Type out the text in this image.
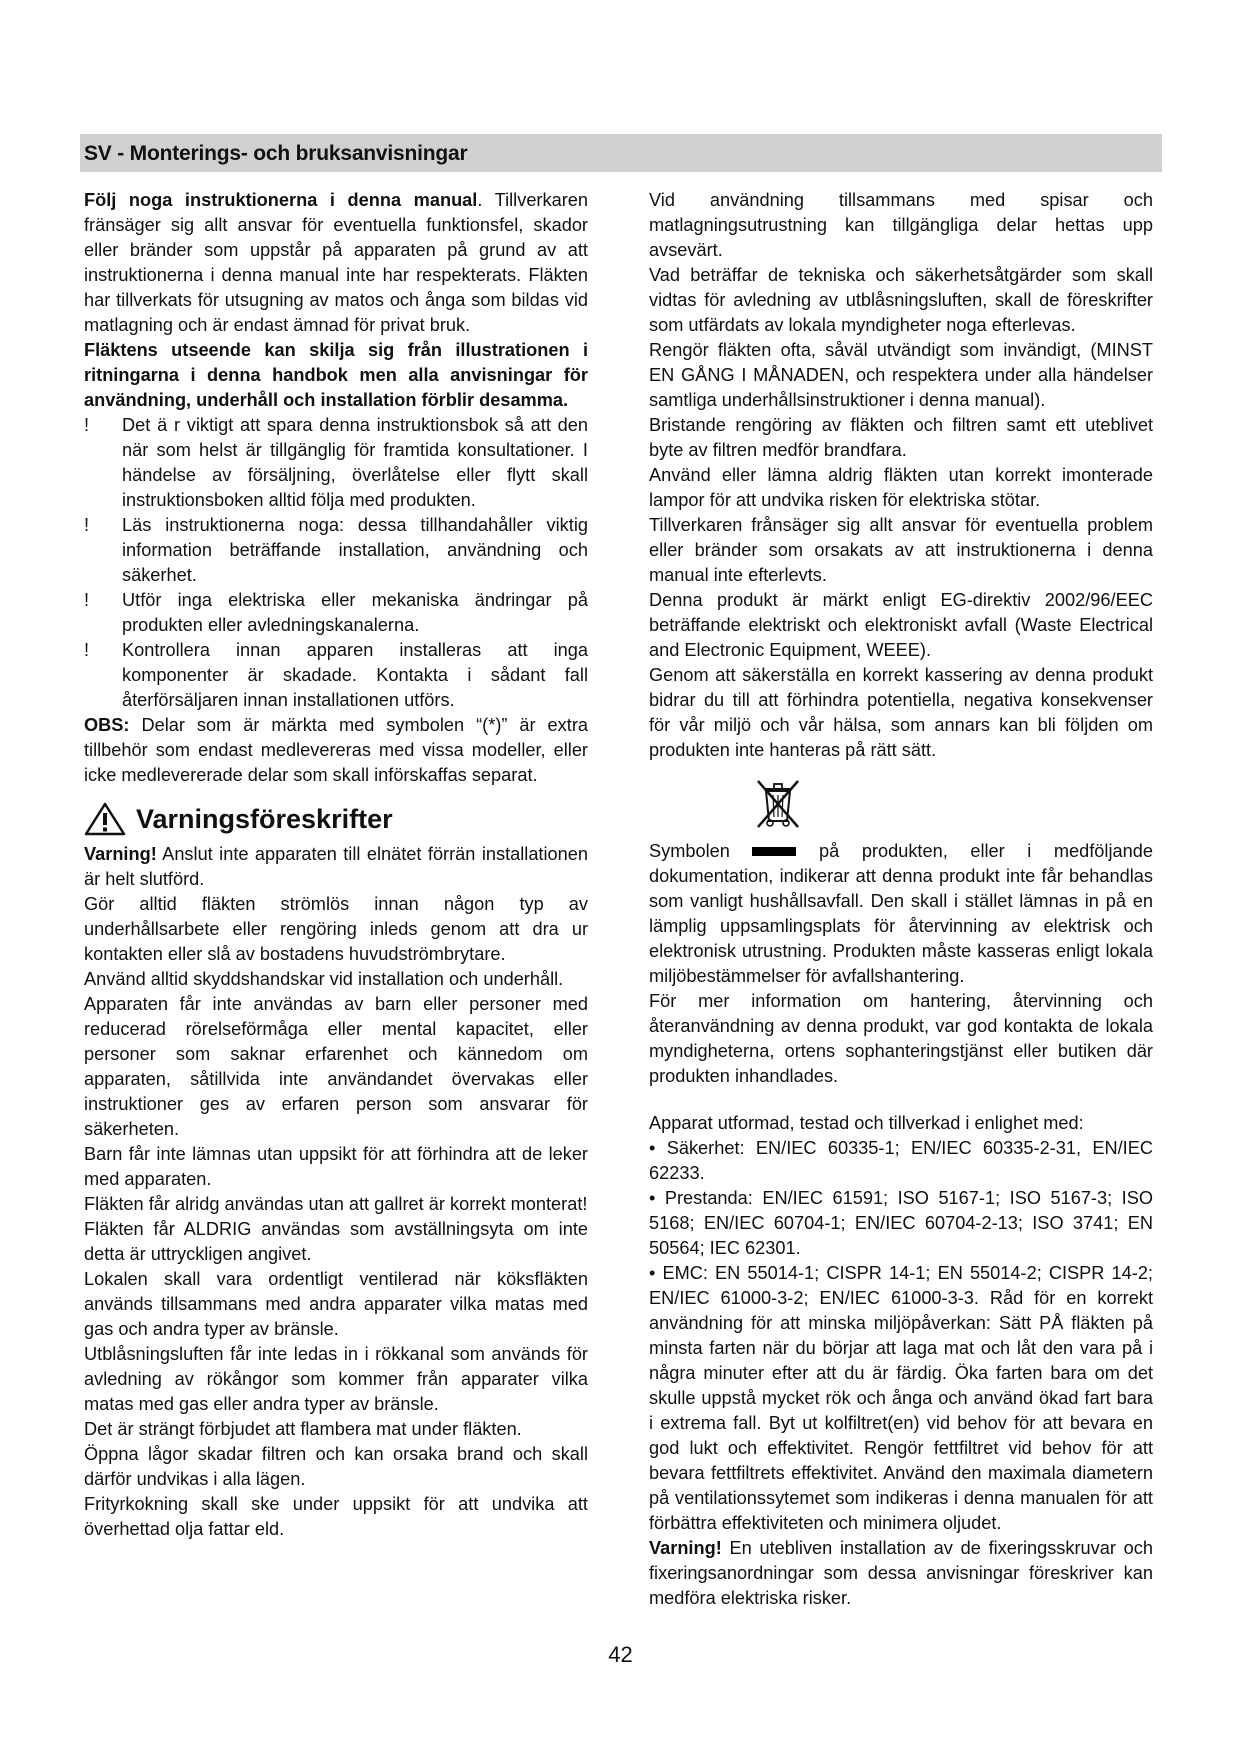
SV - Monterings- och bruksanvisningar

Följ noga instruktionerna i denna manual. Tillverkaren fränsäger sig allt ansvar för eventuella funktionsfel, skador eller bränder som uppstår på apparaten på grund av att instruktionerna i denna manual inte har respekterats. Fläkten har tillverkats för utsugning av matos och ånga som bildas vid matlagning och är endast ämnad för privat bruk.

Fläktens utseende kan skilja sig från illustrationen i ritningarna i denna handbok men alla anvisningar för användning, underhåll och installation förblir desamma.

!	Det ä r viktigt att spara denna instruktionsbok så att den när som helst är tillgänglig för framtida konsultationer. I händelse av försäljning, överlåtelse eller flytt skall instruktionsboken alltid följa med produkten.
!	Läs instruktionerna noga: dessa tillhandahåller viktig information beträffande installation, användning och säkerhet.
!	Utför inga elektriska eller mekaniska ändringar på produkten eller avledningskanalerna.
!	Kontrollera innan apparen installeras att inga komponenter är skadade. Kontakta i sådant fall återförsäljaren innan installationen utförs.

OBS: Delar som är märkta med symbolen “(*)” är extra tillbehör som endast medlevereras med vissa modeller, eller icke medlevererade delar som skall införskaffas separat.

Varningsföreskrifter

Varning! Anslut inte apparaten till elnätet förrän installationen är helt slutförd.

Gör alltid fläkten strömlös innan någon typ av underhållsarbete eller rengöring inleds genom att dra ur kontakten eller slå av bostadens huvudströmbrytare.

Använd alltid skyddshandskar vid installation och underhåll.

Apparaten får inte användas av barn eller personer med reducerad rörelseförmåga eller mental kapacitet, eller personer som saknar erfarenhet och kännedom om apparaten, såtillvida inte användandet övervakas eller instruktioner ges av erfaren person som ansvarar för säkerheten.

Barn får inte lämnas utan uppsikt för att förhindra att de leker med apparaten.

Fläkten får alridg användas utan att gallret är korrekt monterat!

Fläkten får ALDRIG användas som avställningsyta om inte detta är uttryckligen angivet.

Lokalen skall vara ordentligt ventilerad när köksfläkten används tillsammans med andra apparater vilka matas med gas och andra typer av bränsle.

Utblåsningsluften får inte ledas in i rökkanal som används för avledning av rökångor som kommer från apparater vilka matas med gas eller andra typer av bränsle.

Det är strängt förbjudet att flambera mat under fläkten.

Öppna lågor skadar filtren och kan orsaka brand och skall därför undvikas i alla lägen.

Frityrkokning skall ske under uppsikt för att undvika att överhettad olja fattar eld.

Vid användning tillsammans med spisar och matlagningsutrustning kan tillgängliga delar hettas upp avsevärt.

Vad beträffar de tekniska och säkerhetsåtgärder som skall vidtas för avledning av utblåsningsluften, skall de föreskrifter som utfärdats av lokala myndigheter noga efterlevas.

Rengör fläkten ofta, såväl utvändigt som invändigt, (MINST EN GÅNG I MÅNADEN, och respektera under alla händelser samtliga underhållsinstruktioner i denna manual).

Bristande rengöring av fläkten och filtren samt ett uteblivet byte av filtren medför brandfara.

Använd eller lämna aldrig fläkten utan korrekt imonterade lampor för att undvika risken för elektriska stötar.

Tillverkaren frånsäger sig allt ansvar för eventuella problem eller bränder som orsakats av att instruktionerna i denna manual inte efterlevts.

Denna produkt är märkt enligt EG-direktiv 2002/96/EEC beträffande elektriskt och elektroniskt avfall (Waste Electrical and Electronic Equipment, WEEE).

Genom att säkerställa en korrekt kassering av denna produkt bidrar du till att förhindra potentiella, negativa konsekvenser för vår miljö och vår hälsa, som annars kan bli följden om produkten inte hanteras på rätt sätt.

Symbolen	på produkten, eller i medföljande

dokumentation, indikerar att denna produkt inte får behandlas som vanligt hushållsavfall. Den skall i stället lämnas in på en lämplig uppsamlingsplats för återvinning av elektrisk och elektronisk utrustning. Produkten måste kasseras enligt lokala miljöbestämmelser för avfallshantering.

För mer information om hantering, återvinning och återanvändning av denna produkt, var god kontakta de lokala myndigheterna, ortens sophanteringstjänst eller butiken där produkten inhandlades.

Apparat utformad, testad och tillverkad i enlighet med:

• Säkerhet: EN/IEC 60335-1; EN/IEC 60335-2-31, EN/IEC 62233.

• Prestanda: EN/IEC 61591; ISO 5167-1; ISO 5167-3; ISO 5168; EN/IEC 60704-1; EN/IEC 60704-2-13; ISO 3741; EN 50564; IEC 62301.

• EMC: EN 55014-1; CISPR 14-1; EN 55014-2; CISPR 14-2; EN/IEC 61000-3-2; EN/IEC 61000-3-3. Råd för en korrekt användning för att minska miljöpåverkan: Sätt PÅ fläkten på minsta farten när du börjar att laga mat och låt den vara på i några minuter efter att du är färdig. Öka farten bara om det skulle uppstå mycket rök och ånga och använd ökad fart bara i extrema fall. Byt ut kolfiltret(en) vid behov för att bevara en god lukt och effektivitet. Rengör fettfiltret vid behov för att bevara fettfiltrets effektivitet. Använd den maximala diametern på ventilationssytemet som indikeras i denna manualen för att förbättra effektiviteten och minimera oljudet.

Varning! En utebliven installation av de fixeringsskruvar och fixeringsanordningar som dessa anvisningar föreskriver kan medföra elektriska risker.

42
